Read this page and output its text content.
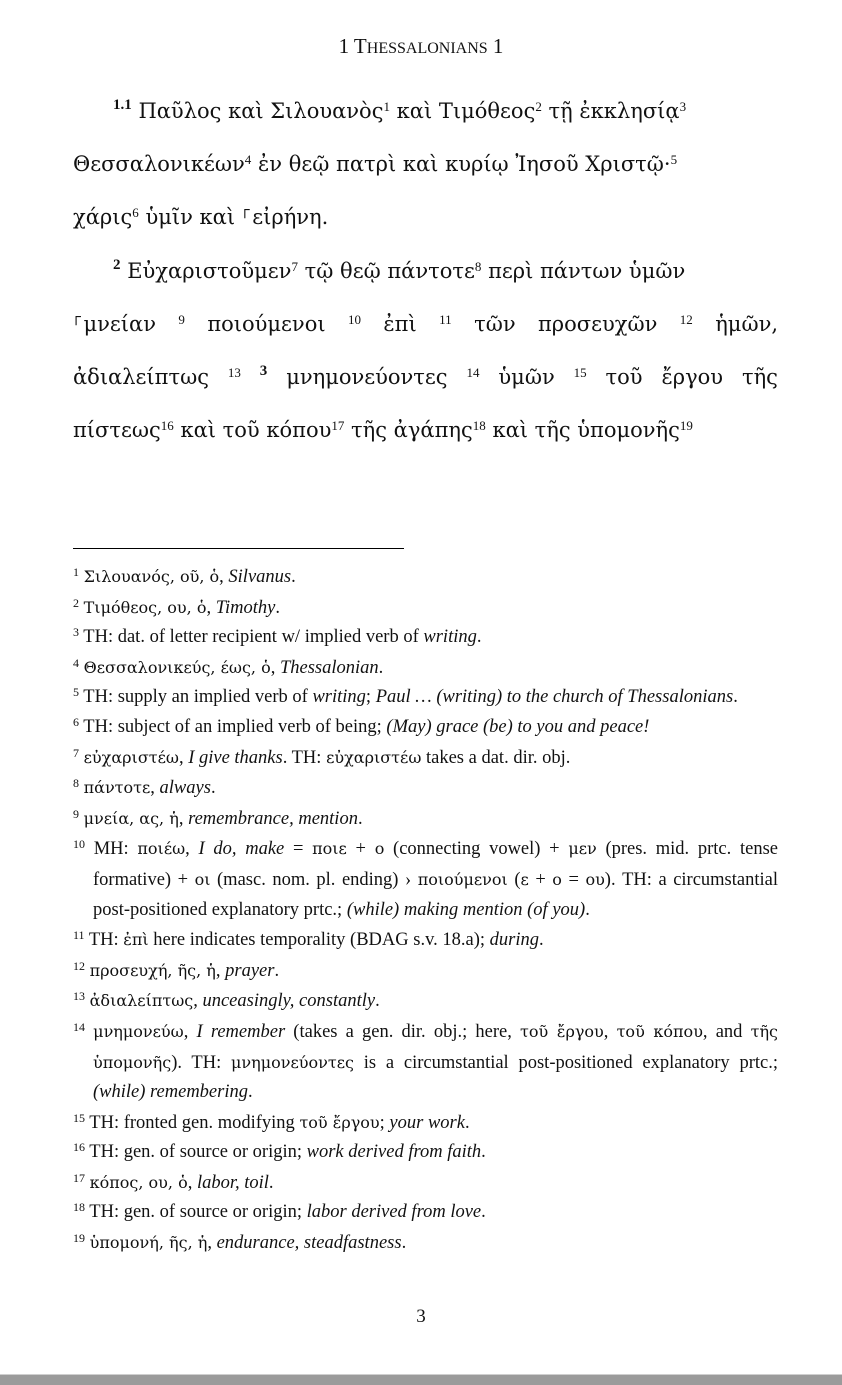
1 THESSALONIANS 1
$^{1.1}$ Παῦλος καὶ Σιλουανὸς$^1$ καὶ Τιμόθεος$^2$ τῇ ἐκκλησίᾳ$^3$
Θεσσαλονικέων$^4$ ἐν θεῷ πατρὶ καὶ κυρίῳ Ἰησοῦ Χριστῷ·$^5$
χάρις$^6$ ὑμῖν καὶ ⸀εἰρήνη.
$^2$ Εὐχαριστοῦμεν$^7$ τῷ θεῷ πάντοτε$^8$ περὶ πάντων ὑμῶν
⸀μνείαν $^9$ ποιούμενοι $^{10}$ ἐπὶ $^{11}$ τῶν προσευχῶν $^{12}$ ἡμῶν,
ἀδιαλείπτως $^{13}$ $^3$ μνημονεύοντες $^{14}$ ὑμῶν $^{15}$ τοῦ ἔργου τῆς
πίστεως$^{16}$ καὶ τοῦ κόπου$^{17}$ τῆς ἀγάπης$^{18}$ καὶ τῆς ὑπομονῆς$^{19}$
$^1$ Σιλουανός, οῦ, ὁ, Silvanus.
$^2$ Τιμόθεος, ου, ὁ, Timothy.
$^3$ TH: dat. of letter recipient w/ implied verb of writing.
$^4$ Θεσσαλονικεύς, έως, ὁ, Thessalonian.
$^5$ TH: supply an implied verb of writing; Paul … (writing) to the church of Thessalonians.
$^6$ TH: subject of an implied verb of being; (May) grace (be) to you and peace!
$^7$ εὐχαριστέω, I give thanks. TH: εὐχαριστέω takes a dat. dir. obj.
$^8$ πάντοτε, always.
$^9$ μνεία, ας, ἡ, remembrance, mention.
$^{10}$ MH: ποιέω, I do, make = ποιε + ο (connecting vowel) + μεν (pres. mid. prtc. tense formative) + οι (masc. nom. pl. ending) › ποιούμενοι (ε + ο = ου). TH: a circumstantial post-positioned explanatory prtc.; (while) making mention (of you).
$^{11}$ TH: ἐπὶ here indicates temporality (BDAG s.v. 18.a); during.
$^{12}$ προσευχή, ῆς, ἡ, prayer.
$^{13}$ ἀδιαλείπτως, unceasingly, constantly.
$^{14}$ μνημονεύω, I remember (takes a gen. dir. obj.; here, τοῦ ἔργου, τοῦ κόπου, and τῆς ὑπομονῆς). TH: μνημονεύοντες is a circumstantial post-positioned explanatory prtc.; (while) remembering.
$^{15}$ TH: fronted gen. modifying τοῦ ἔργου; your work.
$^{16}$ TH: gen. of source or origin; work derived from faith.
$^{17}$ κόπος, ου, ὁ, labor, toil.
$^{18}$ TH: gen. of source or origin; labor derived from love.
$^{19}$ ὑπομονή, ῆς, ἡ, endurance, steadfastness.
3
